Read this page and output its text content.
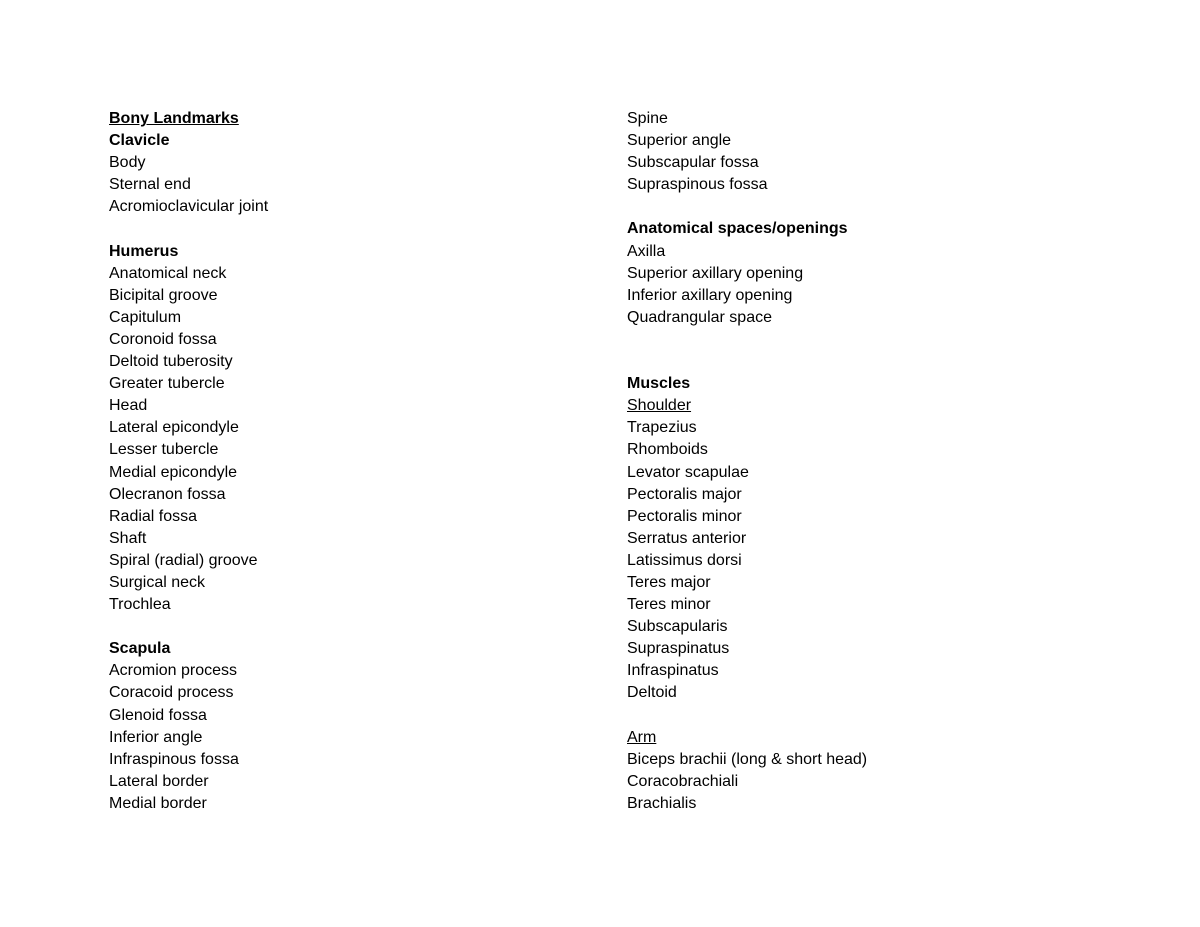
Bony Landmarks
Clavicle
Body
Sternal end
Acromioclavicular joint
Humerus
Anatomical neck
Bicipital groove
Capitulum
Coronoid fossa
Deltoid tuberosity
Greater tubercle
Head
Lateral epicondyle
Lesser tubercle
Medial epicondyle
Olecranon fossa
Radial fossa
Shaft
Spiral (radial) groove
Surgical neck
Trochlea
Scapula
Acromion process
Coracoid process
Glenoid fossa
Inferior angle
Infraspinous fossa
Lateral border
Medial border
Spine
Superior angle
Subscapular fossa
Supraspinous fossa
Anatomical spaces/openings
Axilla
Superior axillary opening
Inferior axillary opening
Quadrangular space
Muscles
Shoulder
Trapezius
Rhomboids
Levator scapulae
Pectoralis major
Pectoralis minor
Serratus anterior
Latissimus dorsi
Teres major
Teres minor
Subscapularis
Supraspinatus
Infraspinatus
Deltoid
Arm
Biceps brachii (long & short head)
Coracobrachiali
Brachialis
